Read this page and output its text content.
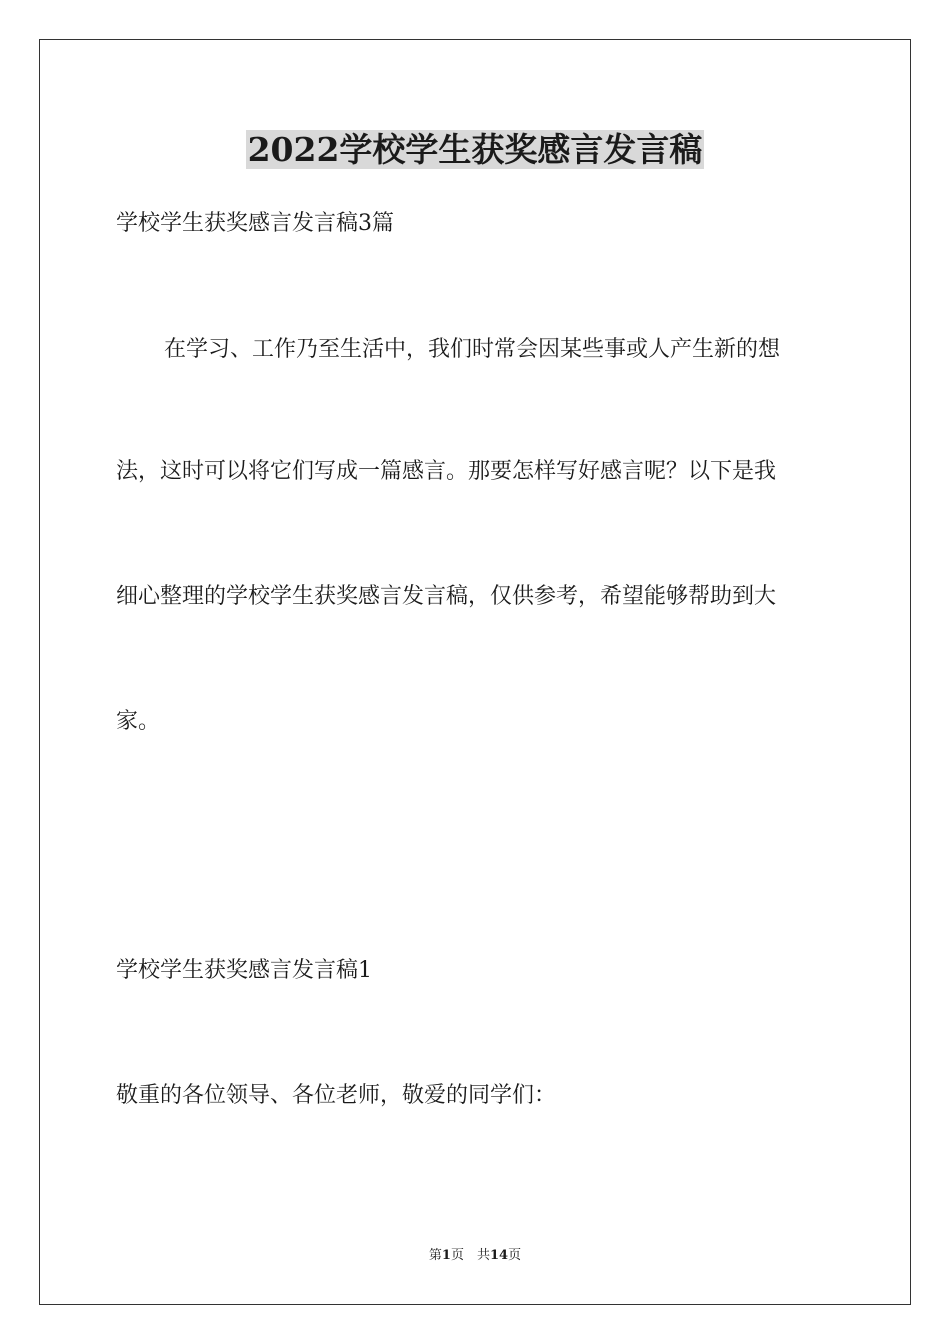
2022学校学生获奖感言发言稿

学校学生获奖感言发言稿3篇

在学习、工作乃至生活中，我们时常会因某些事或人产生新的想

法，这时可以将它们写成一篇感言。那要怎样写好感言呢？以下是我

细心整理的学校学生获奖感言发言稿，仅供参考，希望能够帮助到大

家。

学校学生获奖感言发言稿1

敬重的各位领导、各位老师，敬爱的同学们：

第1页　共14页
